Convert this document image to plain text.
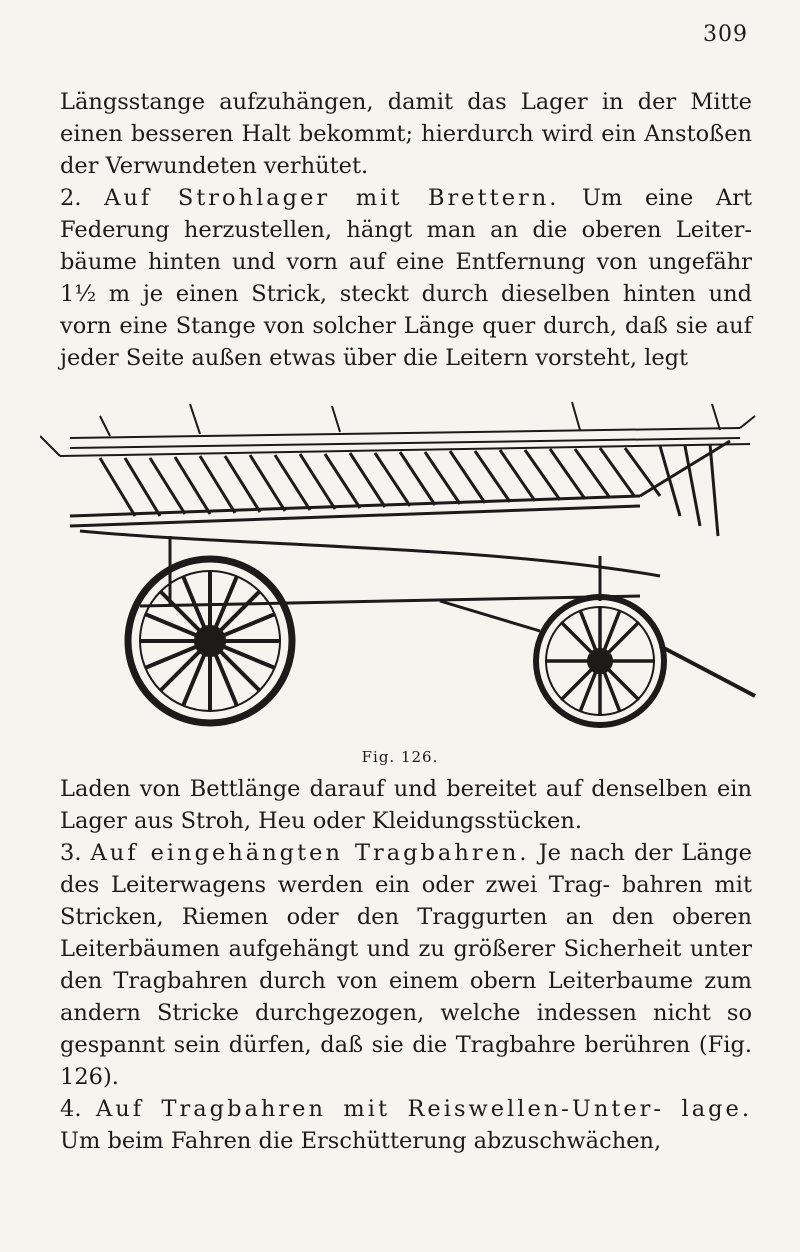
309

Längsstange aufzuhängen, damit das Lager in der Mitte einen besseren Halt bekommt; hierdurch wird ein Anstoßen der Verwundeten verhütet.

2. Auf Strohlager mit Brettern. Um eine Art Federung herzustellen, hängt man an die oberen Leiter- bäume hinten und vorn auf eine Entfernung von ungefähr 1½ m je einen Strick, steckt durch dieselben hinten und vorn eine Stange von solcher Länge quer durch, daß sie auf jeder Seite außen etwas über die Leitern vorsteht, legt

Fig. 126.

Laden von Bettlänge darauf und bereitet auf denselben ein Lager aus Stroh, Heu oder Kleidungsstücken.

3. Auf eingehängten Tragbahren. Je nach der Länge des Leiterwagens werden ein oder zwei Trag- bahren mit Stricken, Riemen oder den Traggurten an den oberen Leiterbäumen aufgehängt und zu größerer Sicherheit unter den Tragbahren durch von einem obern Leiterbaume zum andern Stricke durchgezogen, welche indessen nicht so gespannt sein dürfen, daß sie die Tragbahre berühren (Fig. 126).

4. Auf Tragbahren mit Reiswellen-Unter- lage. Um beim Fahren die Erschütterung abzuschwächen,
